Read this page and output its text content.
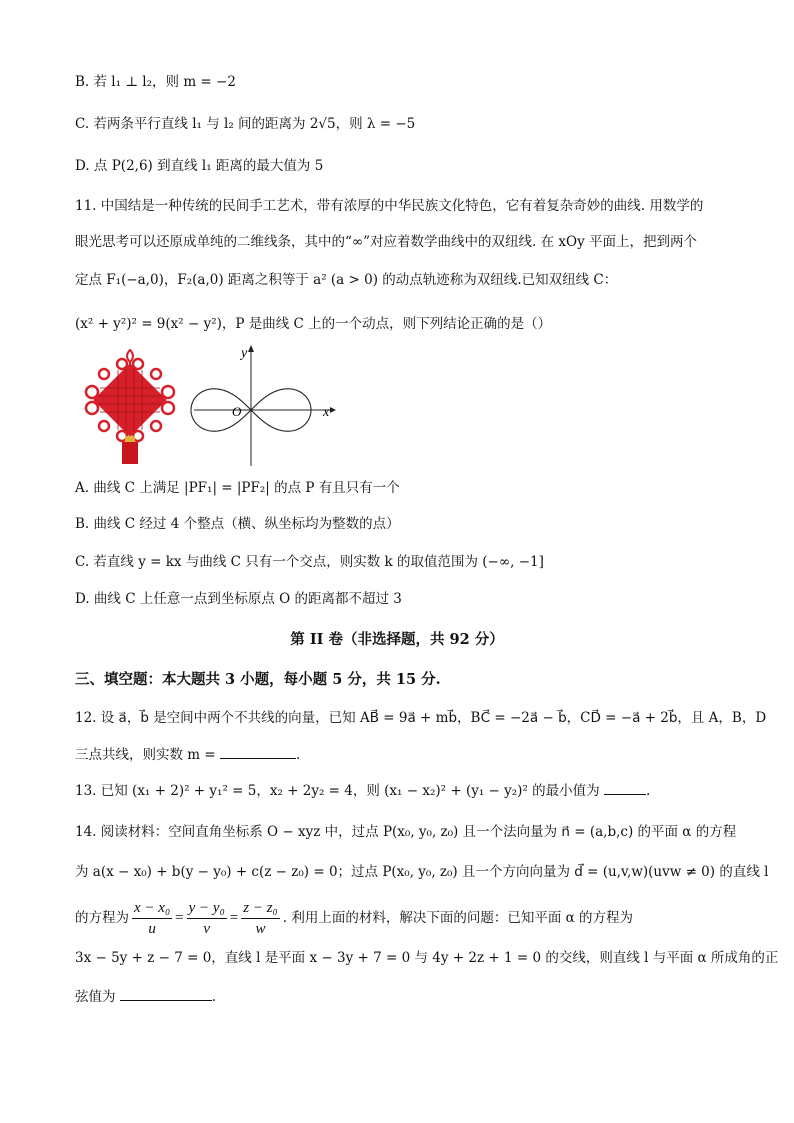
B. 若 l₁ ⊥ l₂，则 m = −2
C. 若两条平行直线 l₁ 与 l₂ 间的距离为 2√5，则 λ = −5
D. 点 P(2,6) 到直线 l₁ 距离的最大值为 5
11. 中国结是一种传统的民间手工艺术，带有浓厚的中华民族文化特色，它有着复杂奇妙的曲线. 用数学的
眼光思考可以还原成单纯的二维线条，其中的“∞”对应着数学曲线中的双纽线. 在 xOy 平面上，把到两个
定点 F₁(−a,0)，F₂(a,0) 距离之积等于 a² (a > 0) 的动点轨迹称为双纽线.已知双纽线 C：
(x² + y²)² = 9(x² − y²)，P 是曲线 C 上的一个动点，则下列结论正确的是（）
x
y
O
A. 曲线 C 上满足 |PF₁| = |PF₂| 的点 P 有且只有一个
B. 曲线 C 经过 4 个整点（横、纵坐标均为整数的点）
C. 若直线 y = kx 与曲线 C 只有一个交点，则实数 k 的取值范围为 (−∞, −1]
D. 曲线 C 上任意一点到坐标原点 O 的距离都不超过 3
第 II 卷（非选择题，共 92 分）
三、填空题：本大题共 3 小题，每小题 5 分，共 15 分.
12. 设 a⃗，b⃗ 是空间中两个不共线的向量，已知 AB⃗ = 9a⃗ + mb⃗，BC⃗ = −2a⃗ − b⃗，CD⃗ = −a⃗ + 2b⃗，且 A，B，D
三点共线，则实数 m =	.
13. 已知 (x₁ + 2)² + y₁² = 5，x₂ + 2y₂ = 4，则 (x₁ − x₂)² + (y₁ − y₂)² 的最小值为	.
14. 阅读材料：空间直角坐标系 O − xyz 中，过点 P(x₀, y₀, z₀) 且一个法向量为 n⃗ = (a,b,c) 的平面 α 的方程
为 a(x − x₀) + b(y − y₀) + c(z − z₀) = 0；过点 P(x₀, y₀, z₀) 且一个方向向量为 d⃗ = (u,v,w)(uvw ≠ 0) 的直线 l
的方程为 $\frac{\text{x − x₀}}{u} = \frac{\text{y − y₀}}{v} = \frac{\text{z − z₀}}{w}$ . 利用上面的材料，解决下面的问题：已知平面 α 的方程为
3x − 5y + z − 7 = 0，直线 l 是平面 x − 3y + 7 = 0 与 4y + 2z + 1 = 0 的交线，则直线 l 与平面 α 所成角的正
弦值为	.
